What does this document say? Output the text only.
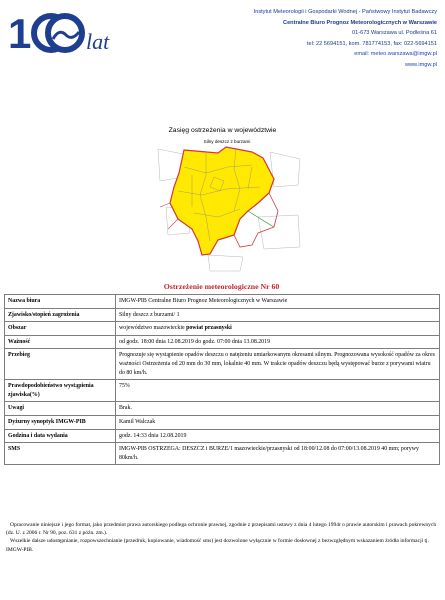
1 lat
Instytut Meteorologii i Gospodarki Wodnej - Państwowy Instytut Badawczy
Centralne Biuro Prognoz Meteorologicznych w Warszawie
01-673 Warszawa ul. Podleśna 61
tel: 22 5694151, kom. 781774153, fax: 022-5694151
email: meteo.warszawa@imgw.pl
www.imgw.pl
Zasięg ostrzeżenia w województwie
Silny deszcz z burzami
Ostrzeżenie meteorologiczne Nr 60
Nazwa biura	IMGW-PIB Centralne Biuro Prognoz Meteorologicznych w Warszawie
Zjawisko/stopień zagrożenia	Silny deszcz z burzami/ 1
Obszar	województwo mazowieckie powiat przasnyski
Ważność	od godz. 18:00 dnia 12.08.2019 do godz. 07:00 dnia 13.08.2019
Przebieg	Prognozuje się wystąpienie opadów deszczu o natężeniu umiarkowanym okresami silnym. Prognozowana wysokość opadów za okres ważności Ostrzeżenia od 20 mm do 30 mm, lokalnie 40 mm. W trakcie opadów deszczu będą występować burze z porywami wiatru do 80 km/h.
Prawdopodobieństwo wystąpienia zjawiska(%)	75%
Uwagi	Brak.
Dyżurny synoptyk IMGW-PIB	Kamil Walczak
Godzina i data wydania	godz. 14:33 dnia 12.08.2019
SMS	IMGW-PIB OSTRZEGA: DESZCZ i BURZE/1 mazowieckie/przasnyski od 18:00/12.08 do 07:00/13.08.2019 40 mm; porywy 80km/h.

Opracowanie niniejsze i jego format, jako przedmiot prawa autorskiego podlega ochronie prawnej, zgodnie z przepisami ustawy z dnia 4 lutego 1994r o prawie autorskim i prawach pokrewnych (dz. U. z 2006 r. Nr 90, poz. 631 z późn. zm.).

Wszelkie dalsze udostępnianie, rozpowszechnianie (przedruk, kopiowanie, wiadomość sms) jest dozwolone wyłącznie w formie dosłownej z bezwzględnym wskazaniem źródła informacji tj. IMGW-PIB.
